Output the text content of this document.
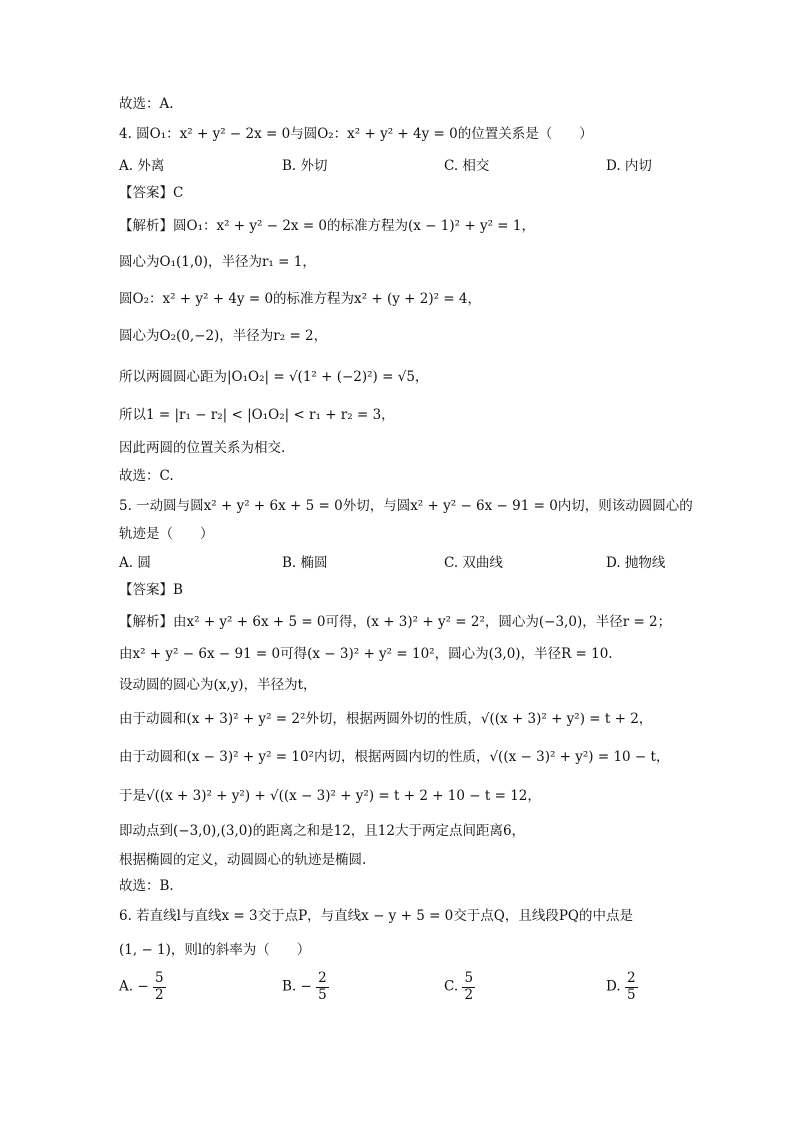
故选：A.
4. 圆O₁：x² + y² − 2x = 0与圆O₂：x² + y² + 4y = 0的位置关系是（　　）
A. 外离	B. 外切	C. 相交	D. 内切
【答案】C
【解析】圆O₁：x² + y² − 2x = 0的标准方程为(x − 1)² + y² = 1，
圆心为O₁(1,0)，半径为r₁ = 1，
圆O₂：x² + y² + 4y = 0的标准方程为x² + (y + 2)² = 4，
圆心为O₂(0,−2)，半径为r₂ = 2，
所以两圆圆心距为|O₁O₂| = √(1² + (−2)²) = √5，
所以1 = |r₁ − r₂| < |O₁O₂| < r₁ + r₂ = 3，
因此两圆的位置关系为相交.
故选：C.
5. 一动圆与圆x² + y² + 6x + 5 = 0外切，与圆x² + y² − 6x − 91 = 0内切，则该动圆圆心的
轨迹是（　　）
A. 圆	B. 椭圆	C. 双曲线	D. 抛物线
【答案】B
【解析】由x² + y² + 6x + 5 = 0可得，(x + 3)² + y² = 2²，圆心为(−3,0)，半径r = 2；
由x² + y² − 6x − 91 = 0可得(x − 3)² + y² = 10²，圆心为(3,0)，半径R = 10.
设动圆的圆心为(x,y)，半径为t，
由于动圆和(x + 3)² + y² = 2²外切，根据两圆外切的性质，√((x + 3)² + y²) = t + 2，
由于动圆和(x − 3)² + y² = 10²内切，根据两圆内切的性质，√((x − 3)² + y²) = 10 − t，
于是√((x + 3)² + y²) + √((x − 3)² + y²) = t + 2 + 10 − t = 12，
即动点到(−3,0),(3,0)的距离之和是12，且12大于两定点间距离6，
根据椭圆的定义，动圆圆心的轨迹是椭圆.
故选：B.
6. 若直线l与直线x = 3交于点P，与直线x − y + 5 = 0交于点Q，且线段PQ的中点是
(1, − 1)，则l的斜率为（　　）
A. − $\frac{5}{2}$	B. − $\frac{2}{5}$	C. $\frac{5}{2}$	D. $\frac{2}{5}$
